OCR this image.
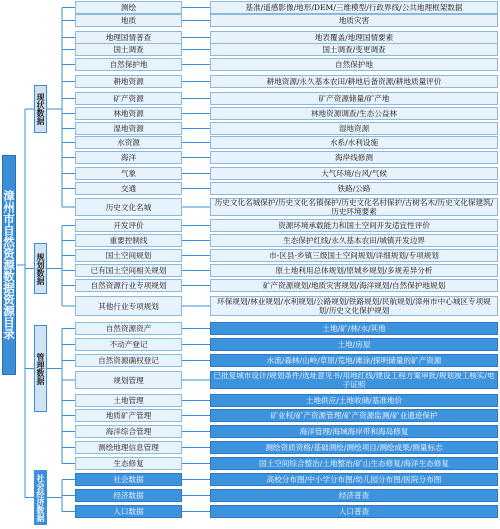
漳州市自然资源数据资源目录
现状数据
测绘	基准/遥感影像/地形/DEM/三维模型/行政界线/公共地理框架数据
地质	地质灾害
地理国情普查	地表覆盖/地理国情要素
国土调查	国土调查/变更调查
自然保护地	自然保护地
耕地资源	耕地资源/永久基本农田/耕地后备资源/耕地质量评价
矿产资源	矿产资源储量/矿产地
林地资源	林地资源调查/生态公益林
湿地资源	湿地资源
水资源	水系/水利设施
海洋	海岸线修测
气象	大气环境/台风/气候
交通	铁路/公路
历史文化名城	历史文化名城保护/历史文化名镇保护/历史文化名村保护/古树名木/历史文化保建筑/历史环境要素
规划数据
开发评价	资源环境承载能力和国土空间开发适宜性评价
重要控制线	生态保护红线/永久基本农田/城镇开发边界
国土空间规划	市-区县-乡镇三级国土空间规划/详细规划/专项规划
已有国土空间相关规划	原土地利用总体规划/原城乡规划/多规差异分析
自然资源行业专项规划	矿产资源规划/地质灾害规划/海洋规划/自然保护地规划
其他行业专项规划	环保规划/林业规划/水利规划/公路规划/铁路规划/民航规划/漳州市中心城区专项规划/历史文化保护规划
管理数据
自然资源资产	土地/矿/林/水/其他
不动产登记	土地/房屋
自然资源确权登记	水流/森林/山岭/草原/荒地/滩涂/探明储量的矿产资源
规划管理	已批复城市设计/规划条件/选址意见书/用地红线/建设工程方案审批/规划竣工核实/电子证照
土地管理	土地供应/土地收储/基准地价
地质矿产管理	矿业权/矿产资源管理/矿产资源监测/矿业遗迹保护
海洋综合管理	海洋管理/海域海岸带和海岛修复
测绘地理信息管理	测绘资质资格/基础测绘/测绘项目/测绘成果/测量标志
生态修复	国土空间综合整治/土地整治/矿山生态修复/海洋生态修复
社会经济数据	社会数据	高校分布图/中小学分布图/幼儿园分布图/医院分布图
经济数据	经济普查
人口数据	人口普查
